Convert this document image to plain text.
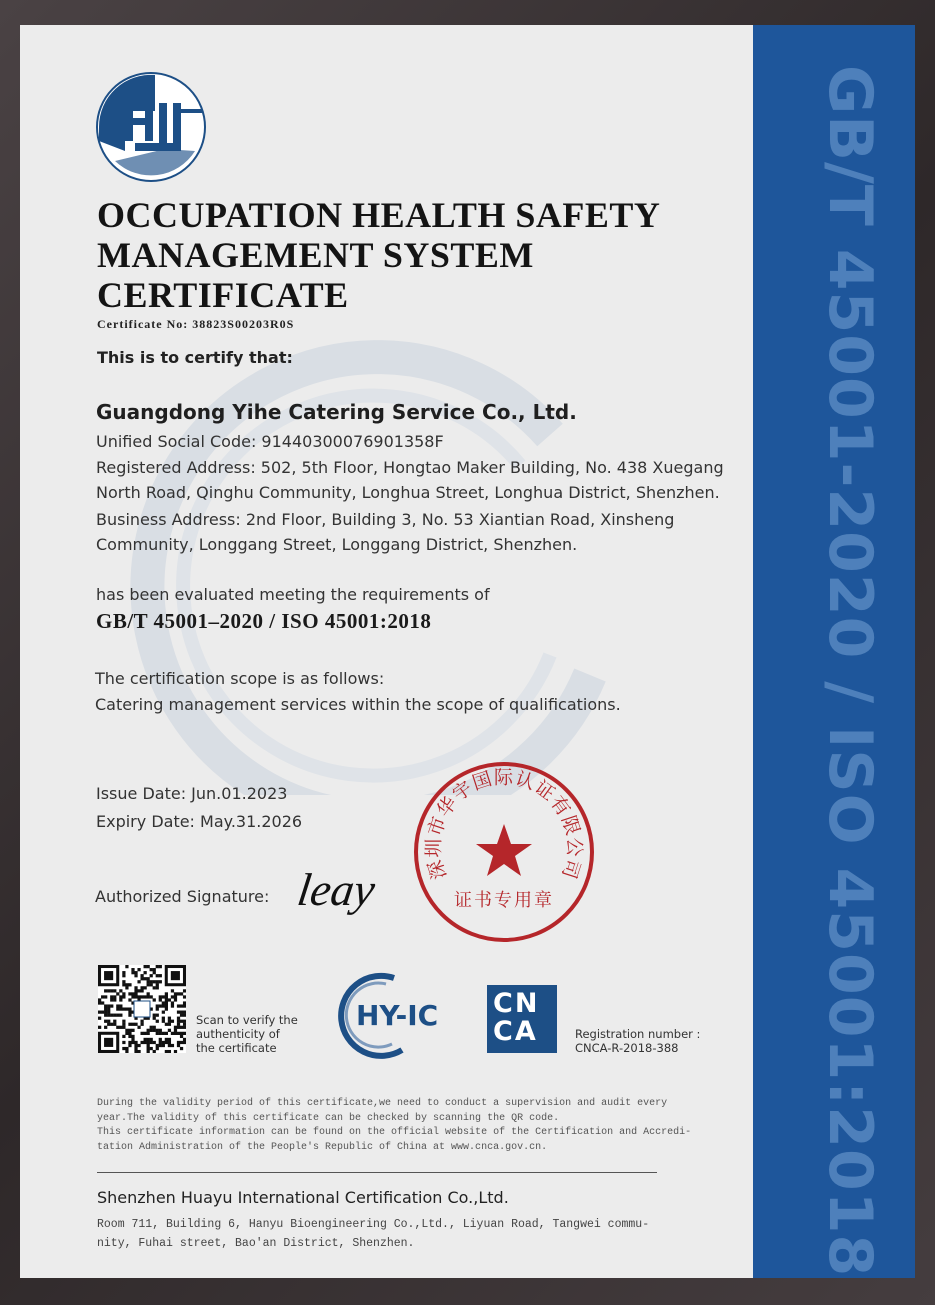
OCCUPATION HEALTH SAFETY
MANAGEMENT SYSTEM
CERTIFICATE
Certificate No: 38823S00203R0S
This is to certify that:
Guangdong Yihe Catering Service Co., Ltd.
Unified Social Code: 91440300076901358F
Registered Address: 502, 5th Floor, Hongtao Maker Building, No. 438 Xuegang
North Road, Qinghu Community, Longhua Street, Longhua District, Shenzhen.
Business Address: 2nd Floor, Building 3, No. 53 Xiantian Road, Xinsheng
Community, Longgang Street, Longgang District, Shenzhen.
has been evaluated meeting the requirements of
GB/T 45001–2020 / ISO 45001:2018
The certification scope is as follows:
Catering management services within the scope of qualifications.
Issue Date: Jun.01.2023
Expiry Date: May.31.2026
Authorized Signature: leay 深圳市华宇国际认证有限公司
证书专用章
Scan to verify the
authenticity of
the certificate
HY-IC CN
CA	Registration number :
CNCA-R-2018-388
During the validity period of this certificate,we need to conduct a supervision and audit every
year.The validity of this certificate can be checked by scanning the QR code.
This certificate information can be found on the official website of the Certification and Accredi-
tation Administration of the People's Republic of China at www.cnca.gov.cn.
Shenzhen Huayu International Certification Co.,Ltd.
Room 711, Building 6, Hanyu Bioengineering Co.,Ltd., Liyuan Road, Tangwei commu-
nity, Fuhai street, Bao'an District, Shenzhen.	GB/T 45001-2020 / ISO 45001:2018
